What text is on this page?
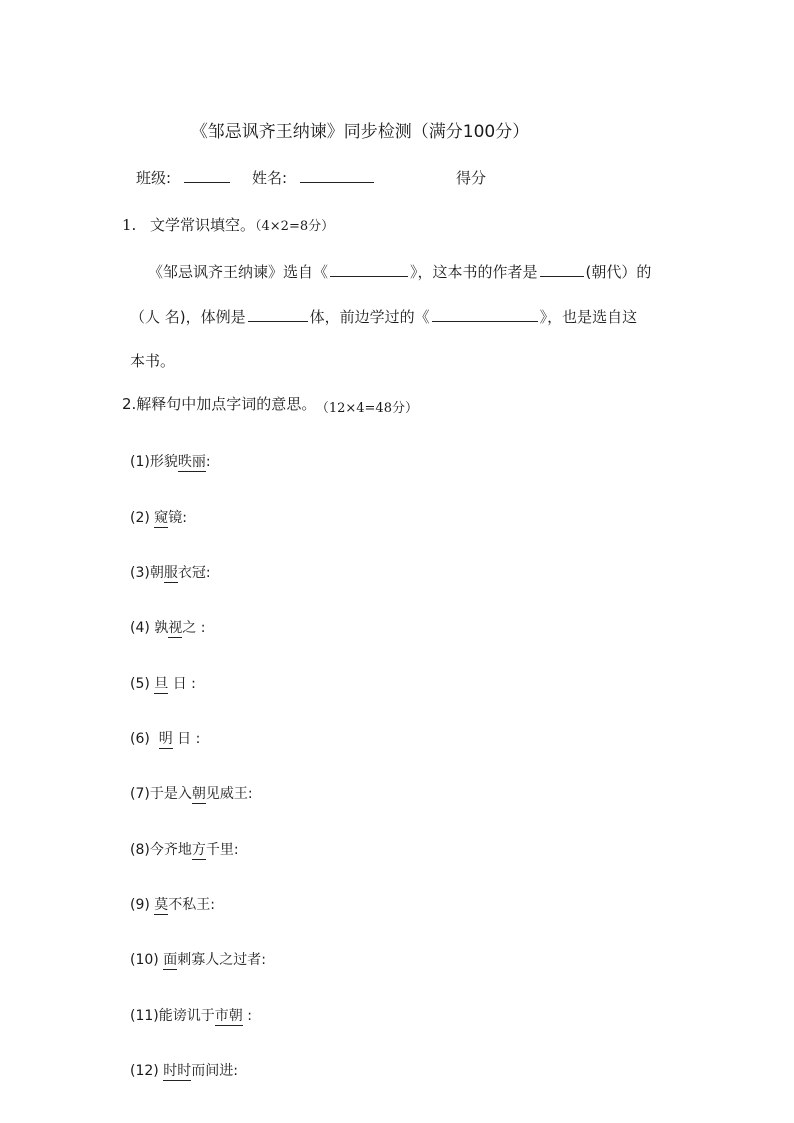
《邹忌讽齐王纳谏》同步检测（满分100分）
班级:	姓名:	得分
1. 文学常识填空。（4×2=8分）
《邹忌讽齐王纳谏》选自《	》，这本书的作者是	(朝代）的
（人 名)，体例是	体，前边学过的《	》，也是选自这
本书。
2.解释句中加点字词的意思。 （12×4=48分）
(1)形貌昳丽:
(2) 窥镜:
(3)朝服衣冠:
(4) 孰视之 :
(5) 旦 日 :
(6)  明 日 :
(7)于是入朝见威王:
(8)今齐地方千里:
(9) 莫不私王:
(10) 面刺寡人之过者:
(11)能谤讥于市朝 :
(12) 时时而间进:
